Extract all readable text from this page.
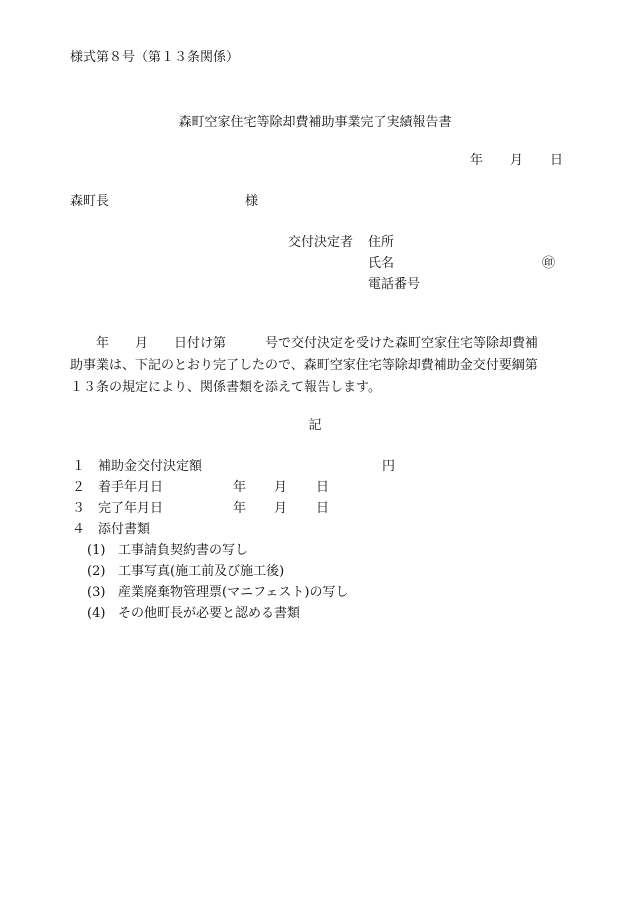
様式第８号（第１３条関係）
森町空家住宅等除却費補助事業完了実績報告書
年 月 日
森町長	様
交付決定者 住所
氏名	㊞
電話番号
　　年　　月　　日付け第　　　号で交付決定を受けた森町空家住宅等除却費補
助事業は、下記のとおり完了したので、森町空家住宅等除却費補助金交付要綱第
１３条の規定により、関係書類を添えて報告します。
記
１ 補助金交付決定額	円
２ 着手年月日	年 月 日
３ 完了年月日	年 月 日
４ 添付書類
(1) 工事請負契約書の写し
(2) 工事写真(施工前及び施工後)
(3) 産業廃棄物管理票(マニフェスト)の写し
(4) その他町長が必要と認める書類
